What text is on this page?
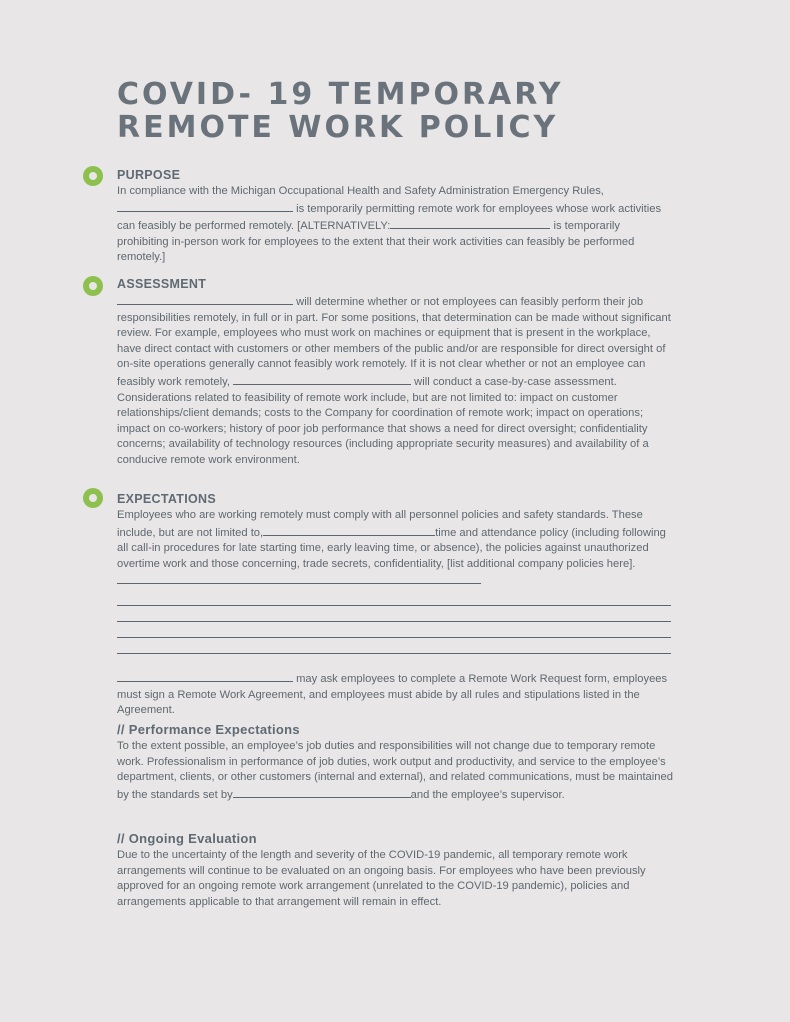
COVID- 19 TEMPORARY
REMOTE WORK POLICY
PURPOSE
In compliance with the Michigan Occupational Health and Safety Administration Emergency Rules,
is temporarily permitting remote work for employees whose work activities can feasibly be performed remotely. [ALTERNATIVELY:	is temporarily prohibiting in-person work for employees to the extent that their work activities can feasibly be performed remotely.]
ASSESSMENT
will determine whether or not employees can feasibly perform their job responsibilities remotely, in full or in part. For some positions, that determination can be made without significant review. For example, employees who must work on machines or equipment that is present in the workplace, have direct contact with customers or other members of the public and/or are responsible for direct oversight of on-site operations generally cannot feasibly work remotely. If it is not clear whether or not an employee can feasibly work remotely,	will conduct a case-by-case assessment. Considerations related to feasibility of remote work include, but are not limited to: impact on customer relationships/client demands; costs to the Company for coordination of remote work; impact on operations; impact on co-workers; history of poor job performance that shows a need for direct oversight; confidentiality concerns; availability of technology resources (including appropriate security measures) and availability of a conducive remote work environment.
EXPECTATIONS
Employees who are working remotely must comply with all personnel policies and safety standards. These include, but are not limited to,	time and attendance policy (including following all call-in procedures for late starting time, early leaving time, or absence), the policies against unauthorized overtime work and those concerning, trade secrets, confidentiality, [list additional company policies here].
may ask employees to complete a Remote Work Request form, employees must sign a Remote Work Agreement, and employees must abide by all rules and stipulations listed in the Agreement.
// Performance Expectations
To the extent possible, an employee’s job duties and responsibilities will not change due to temporary remote work. Professionalism in performance of job duties, work output and productivity, and service to the employee’s department, clients, or other customers (internal and external), and related communications, must be maintained by the standards set by	and the employee’s supervisor.
// Ongoing Evaluation
Due to the uncertainty of the length and severity of the COVID-19 pandemic, all temporary remote work arrangements will continue to be evaluated on an ongoing basis. For employees who have been previously approved for an ongoing remote work arrangement (unrelated to the COVID-19 pandemic), policies and arrangements applicable to that arrangement will remain in effect.
